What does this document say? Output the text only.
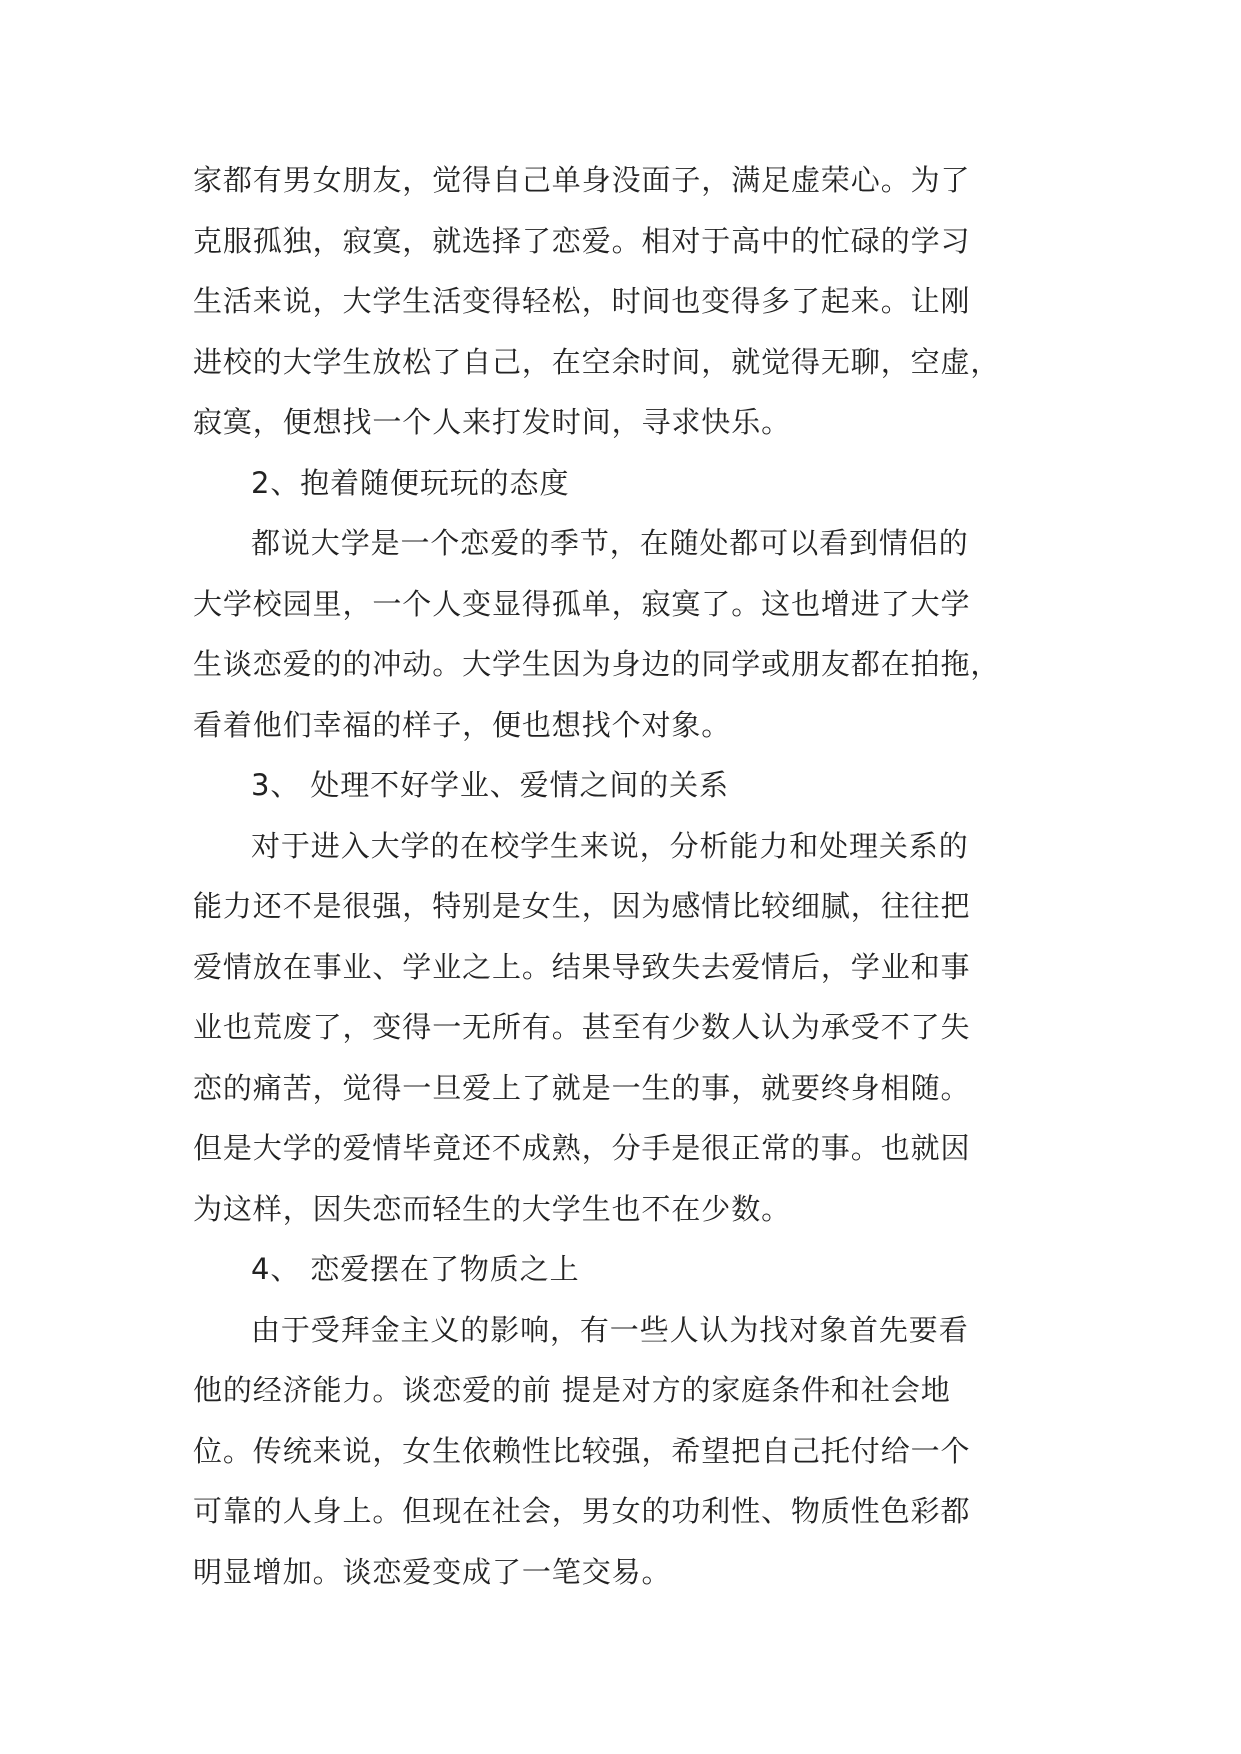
家都有男女朋友，觉得自己单身没面子，满足虚荣心。为了
克服孤独，寂寞，就选择了恋爱。相对于高中的忙碌的学习
生活来说，大学生活变得轻松，时间也变得多了起来。让刚
进校的大学生放松了自己，在空余时间，就觉得无聊，空虚，
寂寞，便想找一个人来打发时间，寻求快乐。
2、抱着随便玩玩的态度
都说大学是一个恋爱的季节，在随处都可以看到情侣的
大学校园里，一个人变显得孤单，寂寞了。这也增进了大学
生谈恋爱的的冲动。大学生因为身边的同学或朋友都在拍拖，
看着他们幸福的样子，便也想找个对象。
3、 处理不好学业、爱情之间的关系
对于进入大学的在校学生来说，分析能力和处理关系的
能力还不是很强，特别是女生，因为感情比较细腻，往往把
爱情放在事业、学业之上。结果导致失去爱情后，学业和事
业也荒废了，变得一无所有。甚至有少数人认为承受不了失
恋的痛苦，觉得一旦爱上了就是一生的事，就要终身相随。
但是大学的爱情毕竟还不成熟，分手是很正常的事。也就因
为这样，因失恋而轻生的大学生也不在少数。
4、 恋爱摆在了物质之上
由于受拜金主义的影响，有一些人认为找对象首先要看
他的经济能力。谈恋爱的前 提是对方的家庭条件和社会地
位。传统来说，女生依赖性比较强，希望把自己托付给一个
可靠的人身上。但现在社会，男女的功利性、物质性色彩都
明显增加。谈恋爱变成了一笔交易。
